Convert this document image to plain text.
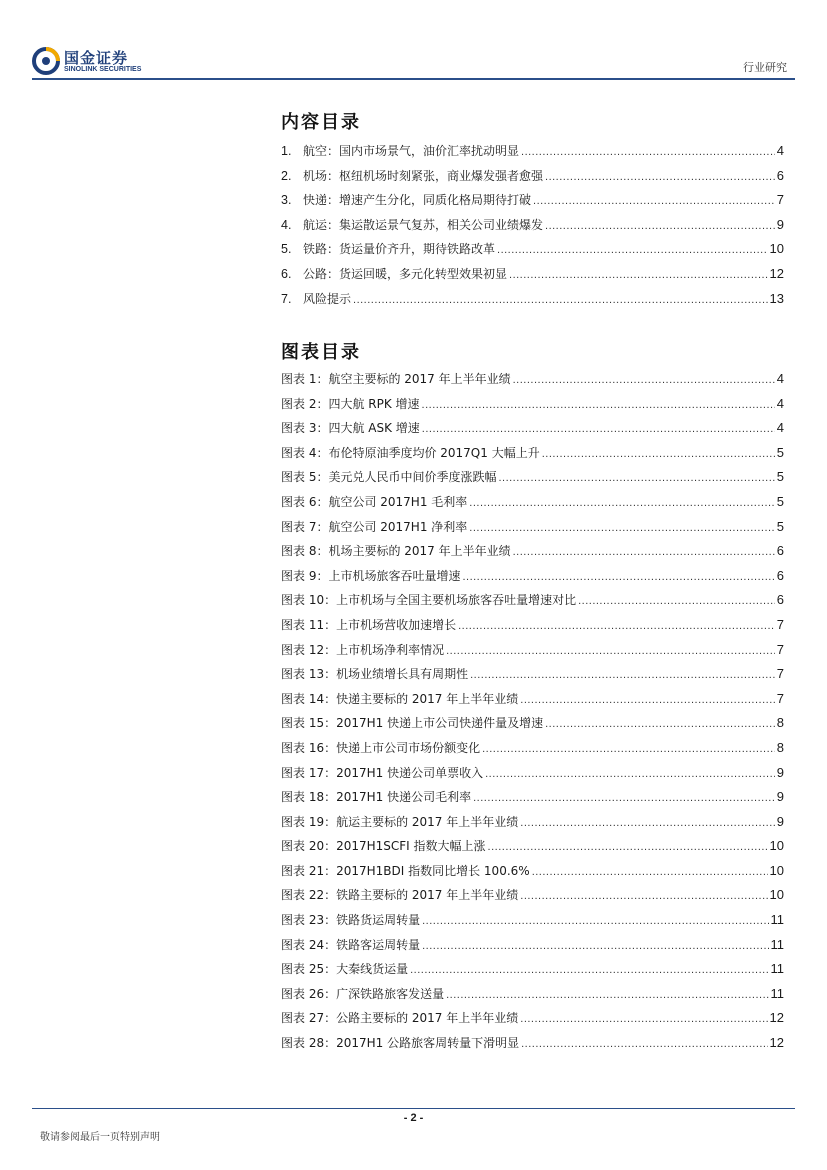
国金证券
SINOLINK SECURITIES	行业研究
内容目录
1. 航空：国内市场景气，油价汇率扰动明显 .....	4
2. 机场：枢纽机场时刻紧张，商业爆发强者愈强 .....	6
3. 快递：增速产生分化，同质化格局期待打破 .....	7
4. 航运：集运散运景气复苏，相关公司业绩爆发 .....	9
5. 铁路：货运量价齐升，期待铁路改革 .....	10
6. 公路：货运回暖，多元化转型效果初显 .....	12
7. 风险提示 .....	13
图表目录
图表 1：航空主要标的 2017 年上半年业绩 .....	4
图表 2：四大航 RPK 增速 .....	4
图表 3：四大航 ASK 增速 .....	4
图表 4：布伦特原油季度均价 2017Q1 大幅上升 .....	5
图表 5：美元兑人民币中间价季度涨跌幅 .....	5
图表 6：航空公司 2017H1 毛利率 .....	5
图表 7：航空公司 2017H1 净利率 .....	5
图表 8：机场主要标的 2017 年上半年业绩 .....	6
图表 9：上市机场旅客吞吐量增速 .....	6
图表 10：上市机场与全国主要机场旅客吞吐量增速对比 .....	6
图表 11：上市机场营收加速增长 .....	7
图表 12：上市机场净利率情况 .....	7
图表 13：机场业绩增长具有周期性 .....	7
图表 14：快递主要标的 2017 年上半年业绩 .....	7
图表 15：2017H1 快递上市公司快递件量及增速 .....	8
图表 16：快递上市公司市场份额变化 .....	8
图表 17：2017H1 快递公司单票收入 .....	9
图表 18：2017H1 快递公司毛利率 .....	9
图表 19：航运主要标的 2017 年上半年业绩 .....	9
图表 20：2017H1SCFI 指数大幅上涨 .....	10
图表 21：2017H1BDI 指数同比增长 100.6% .....	10
图表 22：铁路主要标的 2017 年上半年业绩 .....	10
图表 23：铁路货运周转量 .....	11
图表 24：铁路客运周转量 .....	11
图表 25：大秦线货运量 .....	11
图表 26：广深铁路旅客发送量 .....	11
图表 27：公路主要标的 2017 年上半年业绩 .....	12
图表 28：2017H1 公路旅客周转量下滑明显 .....	12
- 2 -
敬请参阅最后一页特别声明
